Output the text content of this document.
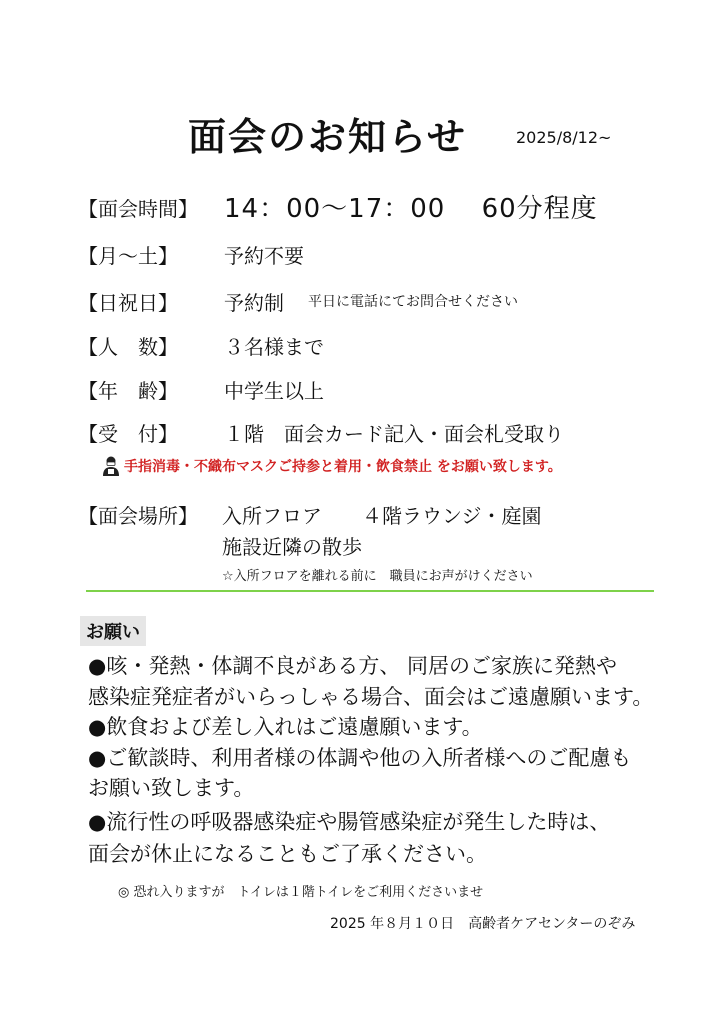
面会のお知らせ	2025/8/12~
【面会時間】 14：00～17：00　 60分程度
【月～土】 予約不要
【日祝日】 予約制 平日に電話にてお問合せください
【人　数】 ３名様まで
【年　齢】 中学生以上
【受　付】 １階　面会カード記入・面会札受取り
手指消毒・不織布マスクご持参と着用・飲食禁止 をお願い致します。
【面会場所】 入所フロア　　４階ラウンジ・庭園
施設近隣の散歩
☆入所フロアを離れる前に　職員にお声がけください
お願い
●咳・発熱・体調不良がある方、 同居のご家族に発熱や
感染症発症者がいらっしゃる場合、面会はご遠慮願います。
●飲食および差し入れはご遠慮願います。
●ご歓談時、利用者様の体調や他の入所者様へのご配慮も
お願い致します。
●流行性の呼吸器感染症や腸管感染症が発生した時は、
面会が休止になることもご了承ください。
◎ 恐れ入りますが　トイレは１階トイレをご利用くださいませ
2025 年８月１０日　高齢者ケアセンターのぞみ
